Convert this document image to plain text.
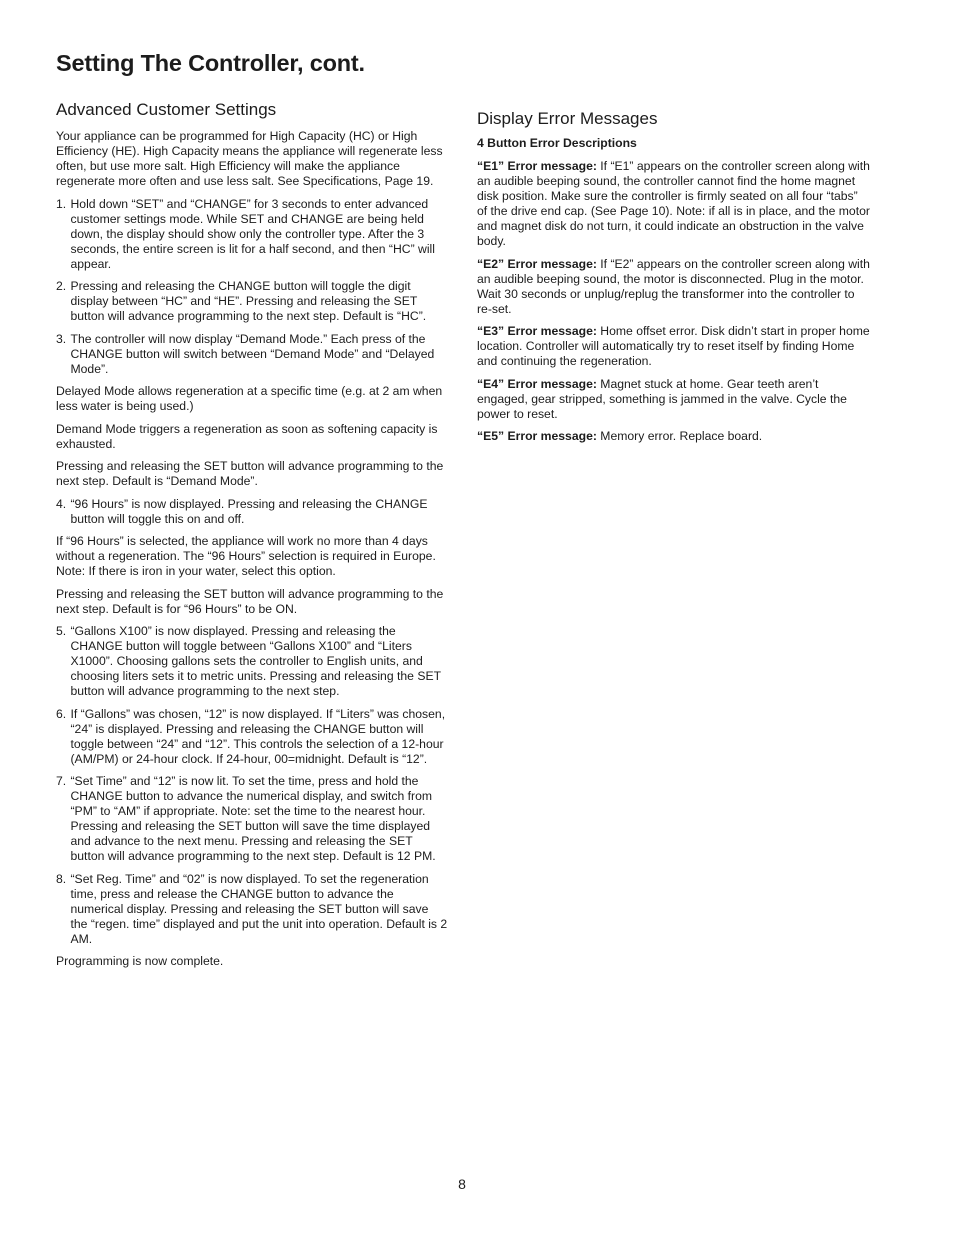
Setting The Controller, cont.
Advanced Customer Settings

Your appliance can be programmed for High Capacity (HC) or High Efficiency (HE). High Capacity means the appliance will regenerate less often, but use more salt. High Efficiency will make the appliance regenerate more often and use less salt. See Specifications, Page 19.

1. Hold down “SET” and “CHANGE” for 3 seconds to enter advanced customer settings mode. While SET and CHANGE are being held down, the display should show only the controller type. After the 3 seconds, the entire screen is lit for a half second, and then “HC” will appear.
2. Pressing and releasing the CHANGE button will toggle the digit display between “HC” and “HE”. Pressing and releasing the SET button will advance programming to the next step. Default is “HC”.
3. The controller will now display “Demand Mode.” Each press of the CHANGE button will switch between “Demand Mode” and “Delayed Mode”.

Delayed Mode allows regeneration at a specific time (e.g. at 2 am when less water is being used.)

Demand Mode triggers a regeneration as soon as softening capacity is exhausted.

Pressing and releasing the SET button will advance programming to the next step. Default is “Demand Mode”.

4. “96 Hours” is now displayed. Pressing and releasing the CHANGE button will toggle this on and off.

If “96 Hours” is selected, the appliance will work no more than 4 days without a regeneration. The “96 Hours” selection is required in Europe. Note: If there is iron in your water, select this option.

Pressing and releasing the SET button will advance programming to the next step. Default is for “96 Hours” to be ON.

5. “Gallons X100” is now displayed. Pressing and releasing the CHANGE button will toggle between “Gallons X100” and “Liters X1000”. Choosing gallons sets the controller to English units, and choosing liters sets it to metric units. Pressing and releasing the SET button will advance programming to the next step.
6. If “Gallons” was chosen, “12” is now displayed. If “Liters” was chosen, “24” is displayed. Pressing and releasing the CHANGE button will toggle between “24” and “12”. This controls the selection of a 12-hour (AM/PM) or 24-hour clock. If 24-hour, 00=midnight. Default is “12”.
7. “Set Time” and “12” is now lit. To set the time, press and hold the CHANGE button to advance the numerical display, and switch from “PM” to “AM” if appropriate. Note: set the time to the nearest hour. Pressing and releasing the SET button will save the time displayed and advance to the next menu. Pressing and releasing the SET button will advance programming to the next step. Default is 12 PM.
8. “Set Reg. Time” and “02” is now displayed. To set the regeneration time, press and release the CHANGE button to advance the numerical display. Pressing and releasing the SET button will save the “regen. time” displayed and put the unit into operation. Default is 2 AM.

Programming is now complete.

Display Error Messages

4 Button Error Descriptions

“E1” Error message: If “E1” appears on the controller screen along with an audible beeping sound, the controller cannot find the home magnet disk position. Make sure the controller is firmly seated on all four “tabs” of the drive end cap. (See Page 10). Note: if all is in place, and the motor and magnet disk do not turn, it could indicate an obstruction in the valve body.

“E2” Error message: If “E2” appears on the controller screen along with an audible beeping sound, the motor is disconnected. Plug in the motor. Wait 30 seconds or unplug/replug the transformer into the controller to re-set.

“E3” Error message: Home offset error. Disk didn’t start in proper home location. Controller will automatically try to reset itself by finding Home and continuing the regeneration.

“E4” Error message: Magnet stuck at home. Gear teeth aren’t engaged, gear stripped, something is jammed in the valve. Cycle the power to reset.

“E5” Error message: Memory error. Replace board.

8
